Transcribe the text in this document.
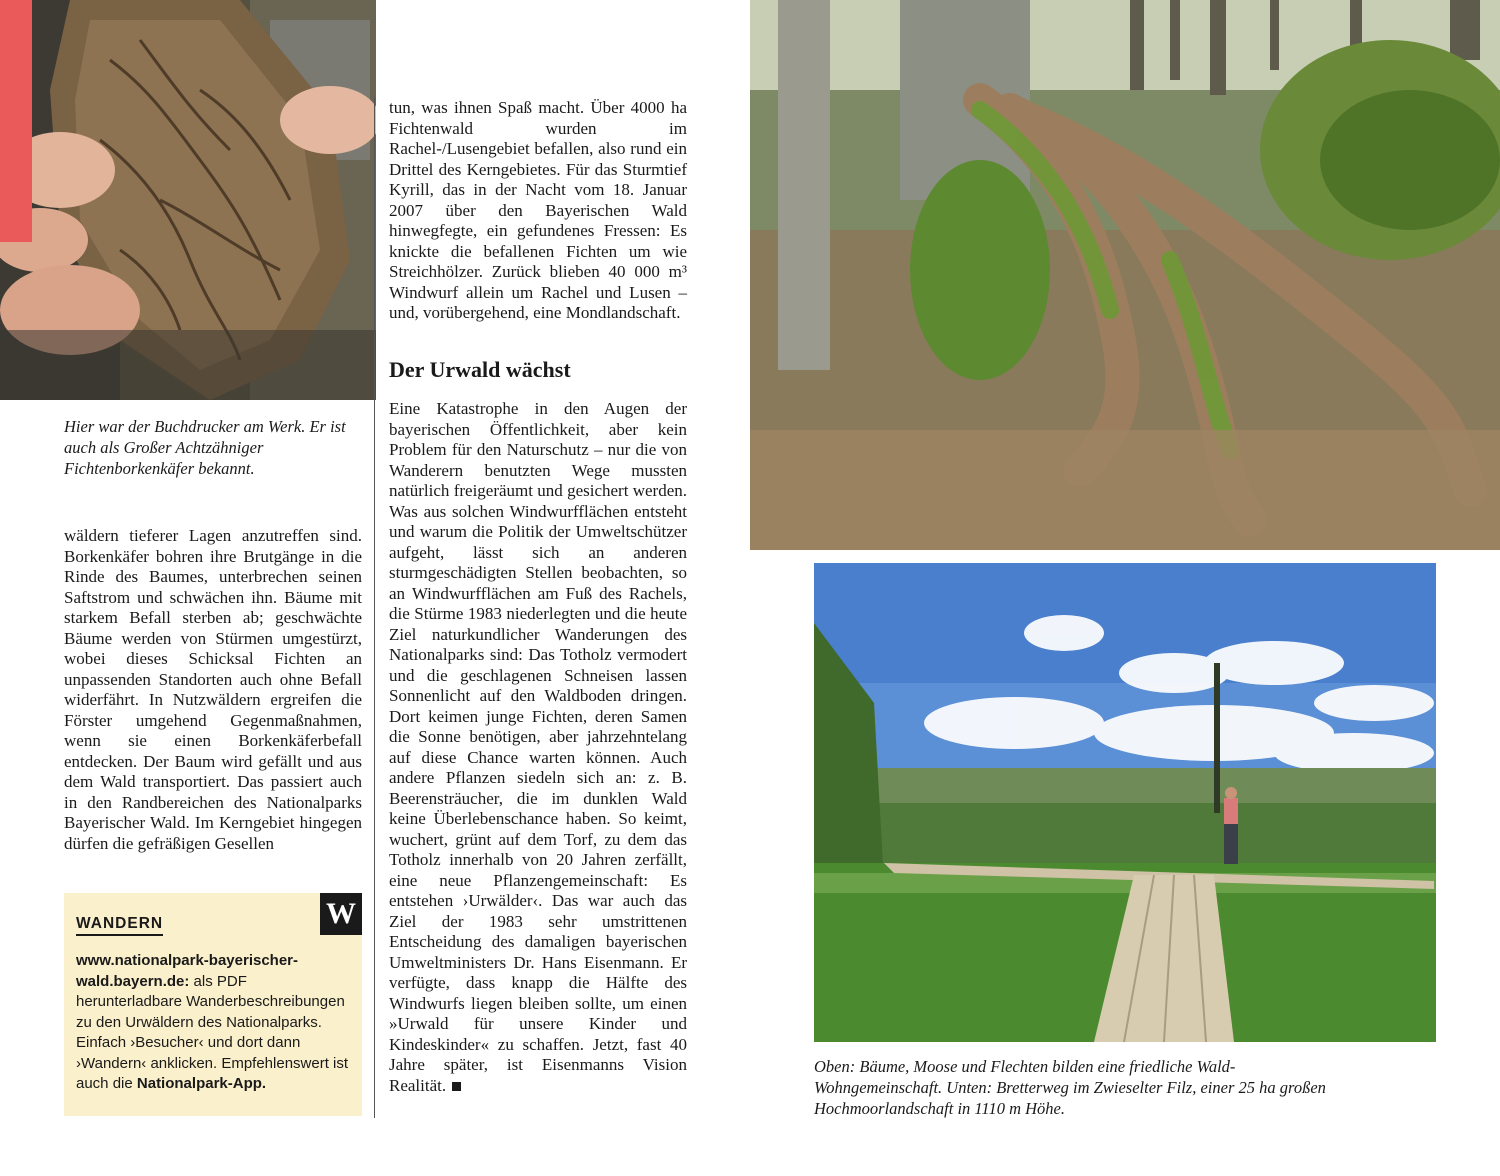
Hier war der Buchdrucker am Werk. Er ist auch als Großer Achtzähniger Fichtenborkenkäfer bekannt.

wäldern tieferer Lagen anzutreffen sind. Borkenkäfer bohren ihre Brutgänge in die Rinde des Baumes, unterbrechen seinen Saftstrom und schwächen ihn. Bäume mit starkem Befall sterben ab; geschwächte Bäume werden von Stürmen umgestürzt, wobei dieses Schicksal Fichten an unpassenden Standorten auch ohne Befall widerfährt. In Nutzwäldern ergreifen die Förster umgehend Gegenmaßnahmen, wenn sie einen Borkenkäferbefall entdecken. Der Baum wird gefällt und aus dem Wald transportiert. Das passiert auch in den Randbereichen des Nationalparks Bayerischer Wald. Im Kerngebiet hingegen dürfen die gefräßigen Gesellen

WANDERN	W
www.nationalpark-bayerischer-wald.bayern.de: als PDF herunterladbare Wanderbeschreibungen zu den Urwäldern des Nationalparks. Einfach ›Besucher‹ und dort dann ›Wandern‹ anklicken. Empfehlenswert ist auch die Nationalpark-App.

tun, was ihnen Spaß macht. Über 4000 ha Fichtenwald wurden im Rachel-/Lusengebiet befallen, also rund ein Drittel des Kerngebietes. Für das Sturmtief Kyrill, das in der Nacht vom 18. Januar 2007 über den Bayerischen Wald hinwegfegte, ein gefundenes Fressen: Es knickte die befallenen Fichten um wie Streichhölzer. Zurück blieben 40 000 m³ Windwurf allein um Rachel und Lusen – und, vorübergehend, eine Mondlandschaft.

Der Urwald wächst

Eine Katastrophe in den Augen der bayerischen Öffentlichkeit, aber kein Problem für den Naturschutz – nur die von Wanderern benutzten Wege mussten natürlich freigeräumt und gesichert werden. Was aus solchen Windwurfflächen entsteht und warum die Politik der Umweltschützer aufgeht, lässt sich an anderen sturmgeschädigten Stellen beobachten, so an Windwurfflächen am Fuß des Rachels, die Stürme 1983 niederlegten und die heute Ziel naturkundlicher Wanderungen des Nationalparks sind: Das Totholz vermodert und die geschlagenen Schneisen lassen Sonnenlicht auf den Waldboden dringen. Dort keimen junge Fichten, deren Samen die Sonne benötigen, aber jahrzehntelang auf diese Chance warten können. Auch andere Pflanzen siedeln sich an: z. B. Beerensträucher, die im dunklen Wald keine Überlebenschance haben. So keimt, wuchert, grünt auf dem Torf, zu dem das Totholz innerhalb von 20 Jahren zerfällt, eine neue Pflanzengemeinschaft: Es entstehen ›Urwälder‹. Das war auch das Ziel der 1983 sehr umstrittenen Entscheidung des damaligen bayerischen Umweltministers Dr. Hans Eisenmann. Er verfügte, dass knapp die Hälfte des Windwurfs liegen bleiben sollte, um einen »Urwald für unsere Kinder und Kindeskinder« zu schaffen. Jetzt, fast 40 Jahre später, ist Eisenmanns Vision Realität.

Oben: Bäume, Moose und Flechten bilden eine friedliche Wald-Wohngemeinschaft. Unten: Bretterweg im Zwieselter Filz, einer 25 ha großen Hochmoorlandschaft in 1110 m Höhe.
